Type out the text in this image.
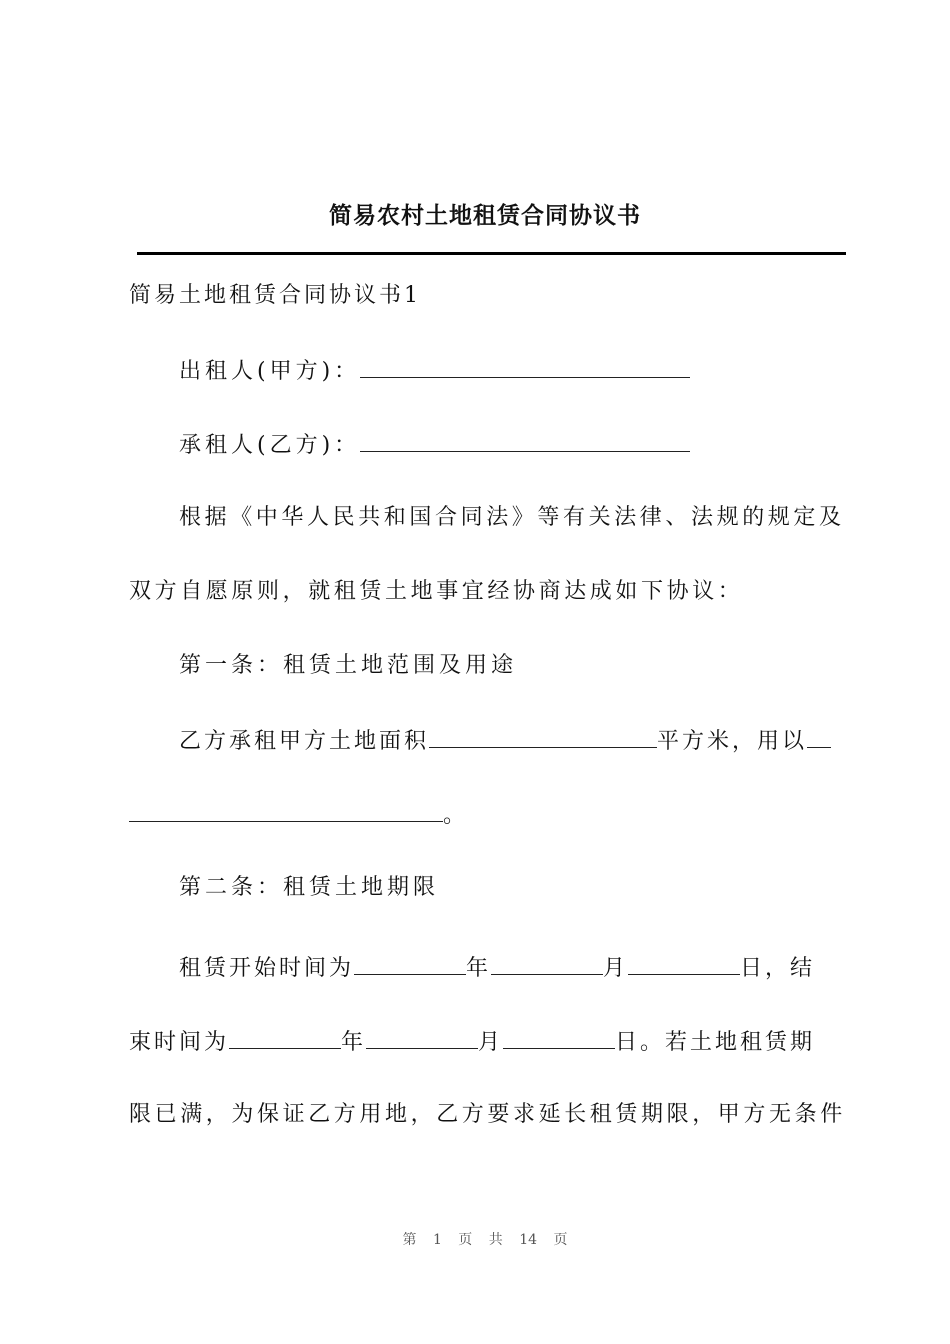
简易农村土地租赁合同协议书
简易土地租赁合同协议书1
出租人(甲方)：
承租人(乙方)：
根据《中华人民共和国合同法》等有关法律、法规的规定及
双方自愿原则，就租赁土地事宜经协商达成如下协议：
第一条：租赁土地范围及用途
乙方承租甲方土地面积	平方米，用以
。
第二条：租赁土地期限
租赁开始时间为	年	月	日，结
束时间为	年	月	日。若土地租赁期
限已满，为保证乙方用地，乙方要求延长租赁期限，甲方无条件
第 1 页 共 14 页
